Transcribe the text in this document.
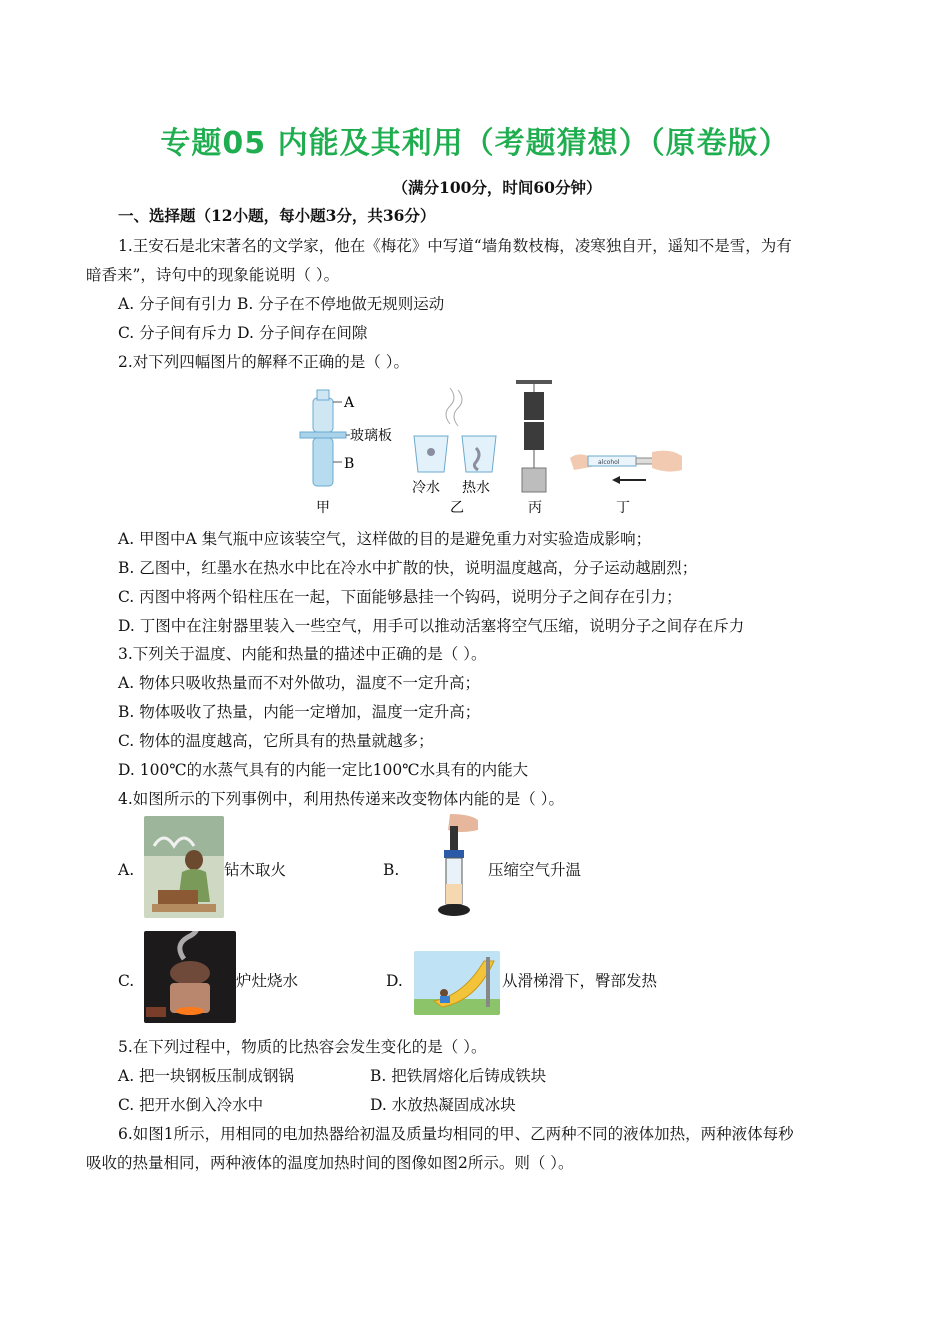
专题05 内能及其利用（考题猜想）（原卷版）
（满分100分，时间60分钟）
一、选择题（12小题，每小题3分，共36分）
1.王安石是北宋著名的文学家，他在《梅花》中写道“墙角数枝梅，凌寒独自开，遥知不是雪，为有
暗香来”，诗句中的现象能说明（ ）。
A. 分子间有引力 B. 分子在不停地做无规则运动
C. 分子间有斥力 D. 分子间存在间隙
2.对下列四幅图片的解释不正确的是（ ）。
A
玻璃板
B
甲
冷水 热水
乙	丙
alcohol
丁
A. 甲图中A 集气瓶中应该装空气，这样做的目的是避免重力对实验造成影响；
B. 乙图中，红墨水在热水中比在冷水中扩散的快，说明温度越高，分子运动越剧烈；
C. 丙图中将两个铅柱压在一起，下面能够悬挂一个钩码，说明分子之间存在引力；
D. 丁图中在注射器里装入一些空气，用手可以推动活塞将空气压缩，说明分子之间存在斥力
3.下列关于温度、内能和热量的描述中正确的是（ ）。
A. 物体只吸收热量而不对外做功，温度不一定升高；
B. 物体吸收了热量，内能一定增加，温度一定升高；
C. 物体的温度越高，它所具有的热量就越多；
D. 100℃的水蒸气具有的内能一定比100℃水具有的内能大
4.如图所示的下列事例中，利用热传递来改变物体内能的是（ ）。
A.	钻木取火	B.	压缩空气升温
C.	炉灶烧水	D.	从滑梯滑下，臀部发热
5.在下列过程中，物质的比热容会发生变化的是（ ）。
A. 把一块钢板压制成钢锅	B. 把铁屑熔化后铸成铁块
C. 把开水倒入冷水中	D. 水放热凝固成冰块
6.如图1所示，用相同的电加热器给初温及质量均相同的甲、乙两种不同的液体加热，两种液体每秒
吸收的热量相同，两种液体的温度加热时间的图像如图2所示。则（ ）。
